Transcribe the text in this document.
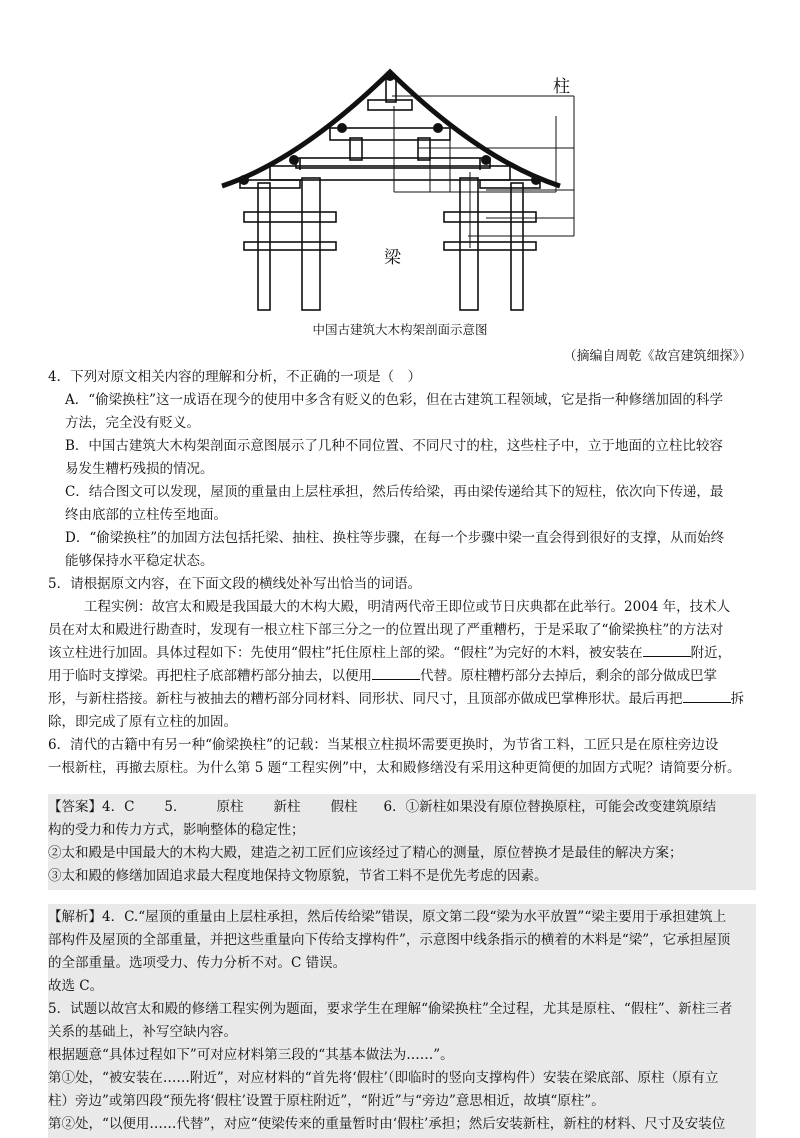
柱
梁
中国古建筑大木构架剖面示意图
（摘编自周乾《故宫建筑细探》）
4．下列对原文相关内容的理解和分析，不正确的一项是（　）
A．“偷梁换柱”这一成语在现今的使用中多含有贬义的色彩，但在古建筑工程领域，它是指一种修缮加固的科学
方法，完全没有贬义。
B．中国古建筑大木构架剖面示意图展示了几种不同位置、不同尺寸的柱，这些柱子中，立于地面的立柱比较容
易发生糟朽残损的情况。
C．结合图文可以发现，屋顶的重量由上层柱承担，然后传给梁，再由梁传递给其下的短柱，依次向下传递，最
终由底部的立柱传至地面。
D．“偷梁换柱”的加固方法包括托梁、抽柱、换柱等步骤，在每一个步骤中梁一直会得到很好的支撑，从而始终
能够保持水平稳定状态。
5．请根据原文内容，在下面文段的横线处补写出恰当的词语。
工程实例：故宫太和殿是我国最大的木构大殿，明清两代帝王即位或节日庆典都在此举行。2004 年，技术人
员在对太和殿进行勘查时，发现有一根立柱下部三分之一的位置出现了严重糟朽，于是采取了“偷梁换柱”的方法对
该立柱进行加固。具体过程如下：先使用“假柱”托住原柱上部的梁。“假柱”为完好的木料，被安装在	附近，
用于临时支撑梁。再把柱子底部糟朽部分抽去，以便用	代替。原柱糟朽部分去掉后，剩余的部分做成巴掌
形，与新柱搭接。新柱与被抽去的糟朽部分同材料、同形状、同尺寸，且顶部亦做成巴掌榫形状。最后再把	拆
除，即完成了原有立柱的加固。
6．清代的古籍中有另一种“偷梁换柱”的记载：当某根立柱损坏需要更换时，为节省工料，工匠只是在原柱旁边设
一根新柱，再撤去原柱。为什么第 5 题“工程实例”中，太和殿修缮没有采用这种更简便的加固方式呢？请简要分析。
【答案】4．C 5． 原柱 新柱 假柱 6．①新柱如果没有原位替换原柱，可能会改变建筑原结
构的受力和传力方式，影响整体的稳定性；
②太和殿是中国最大的木构大殿，建造之初工匠们应该经过了精心的测量，原位替换才是最佳的解决方案；
③太和殿的修缮加固追求最大程度地保持文物原貌，节省工料不是优先考虑的因素。
【解析】4．C.“屋顶的重量由上层柱承担，然后传给梁”错误，原文第二段“梁为水平放置”“梁主要用于承担建筑上
部构件及屋顶的全部重量，并把这些重量向下传给支撑构件”，示意图中线条指示的横着的木料是“梁”，它承担屋顶
的全部重量。选项受力、传力分析不对。C 错误。
故选 C。
5．试题以故宫太和殿的修缮工程实例为题面，要求学生在理解“偷梁换柱”全过程，尤其是原柱、“假柱”、新柱三者
关系的基础上，补写空缺内容。
根据题意“具体过程如下”可对应材料第三段的“其基本做法为……”。
第①处，“被安装在……附近”，对应材料的“首先将‘假柱’（即临时的竖向支撑构件）安装在梁底部、原柱（原有立
柱）旁边”或第四段“预先将‘假柱’设置于原柱附近”，“附近”与“旁边”意思相近，故填“原柱”。
第②处，“以便用……代替”，对应“使梁传来的重量暂时由‘假柱’承担；然后安装新柱，新柱的材料、尺寸及安装位
